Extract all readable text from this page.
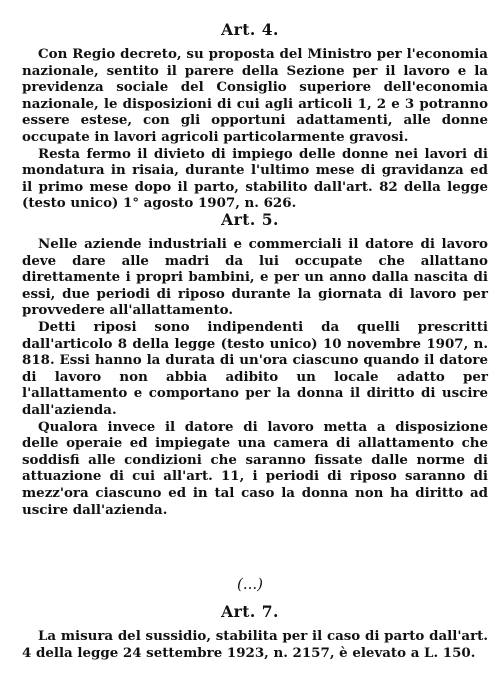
Art. 4.

Con Regio decreto, su proposta del Ministro per l'economia nazionale, sentito il parere della Sezione per il lavoro e la previdenza sociale del Consiglio superiore dell'economia nazionale, le disposizioni di cui agli articoli 1, 2 e 3 potranno essere estese, con gli opportuni adattamenti, alle donne occupate in lavori agricoli particolarmente gravosi.

Resta fermo il divieto di impiego delle donne nei lavori di mondatura in risaia, durante l'ultimo mese di gravidanza ed il primo mese dopo il parto, stabilito dall'art. 82 della legge (testo unico) 1° agosto 1907, n. 626.

Art. 5.

Nelle aziende industriali e commerciali il datore di lavoro deve dare alle madri da lui occupate che allattano direttamente i propri bambini, e per un anno dalla nascita di essi, due periodi di riposo durante la giornata di lavoro per provvedere all'allattamento.

Detti riposi sono indipendenti da quelli prescritti dall'articolo 8 della legge (testo unico) 10 novembre 1907, n. 818. Essi hanno la durata di un'ora ciascuno quando il datore di lavoro non abbia adibito un locale adatto per l'allattamento e comportano per la donna il diritto di uscire dall'azienda.

Qualora invece il datore di lavoro metta a disposizione delle operaie ed impiegate una camera di allattamento che soddisfi alle condizioni che saranno fissate dalle norme di attuazione di cui all'art. 11, i periodi di riposo saranno di mezz'ora ciascuno ed in tal caso la donna non ha diritto ad uscire dall'azienda.

(...)
Art. 7.

La misura del sussidio, stabilita per il caso di parto dall'art. 4 della legge 24 settembre 1923, n. 2157, è elevato a L. 150.
